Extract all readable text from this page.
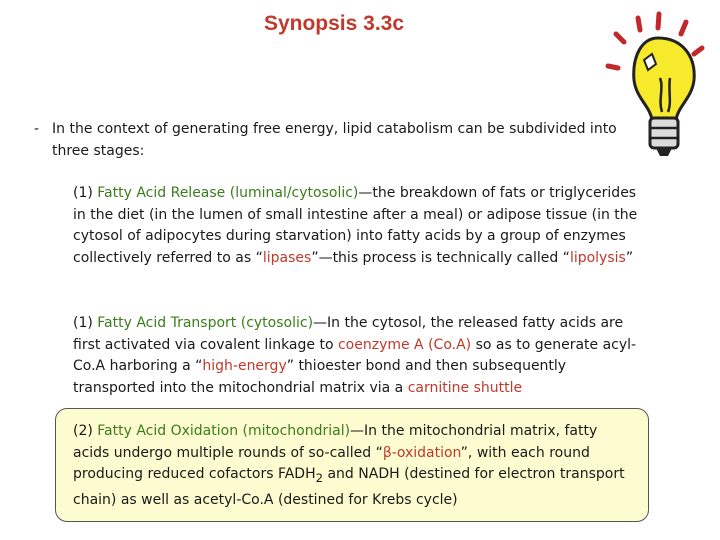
Synopsis 3.3c
- In the context of generating free energy, lipid catabolism can be subdivided into three stages:
(1) Fatty Acid Release (luminal/cytosolic)—the breakdown of fats or triglycerides in the diet (in the lumen of small intestine after a meal) or adipose tissue (in the cytosol of adipocytes during starvation) into fatty acids by a group of enzymes collectively referred to as “lipases”—this process is technically called “lipolysis”
(1) Fatty Acid Transport (cytosolic)—In the cytosol, the released fatty acids are first activated via covalent linkage to coenzyme A (Co.A) so as to generate acyl-Co.A harboring a “high-energy” thioester bond and then subsequently transported into the mitochondrial matrix via a carnitine shuttle
(2) Fatty Acid Oxidation (mitochondrial)—In the mitochondrial matrix, fatty acids undergo multiple rounds of so-called “β-oxidation”, with each round producing reduced cofactors $FADH_2$ and NADH (destined for electron transport chain) as well as acetyl-Co.A (destined for Krebs cycle)
